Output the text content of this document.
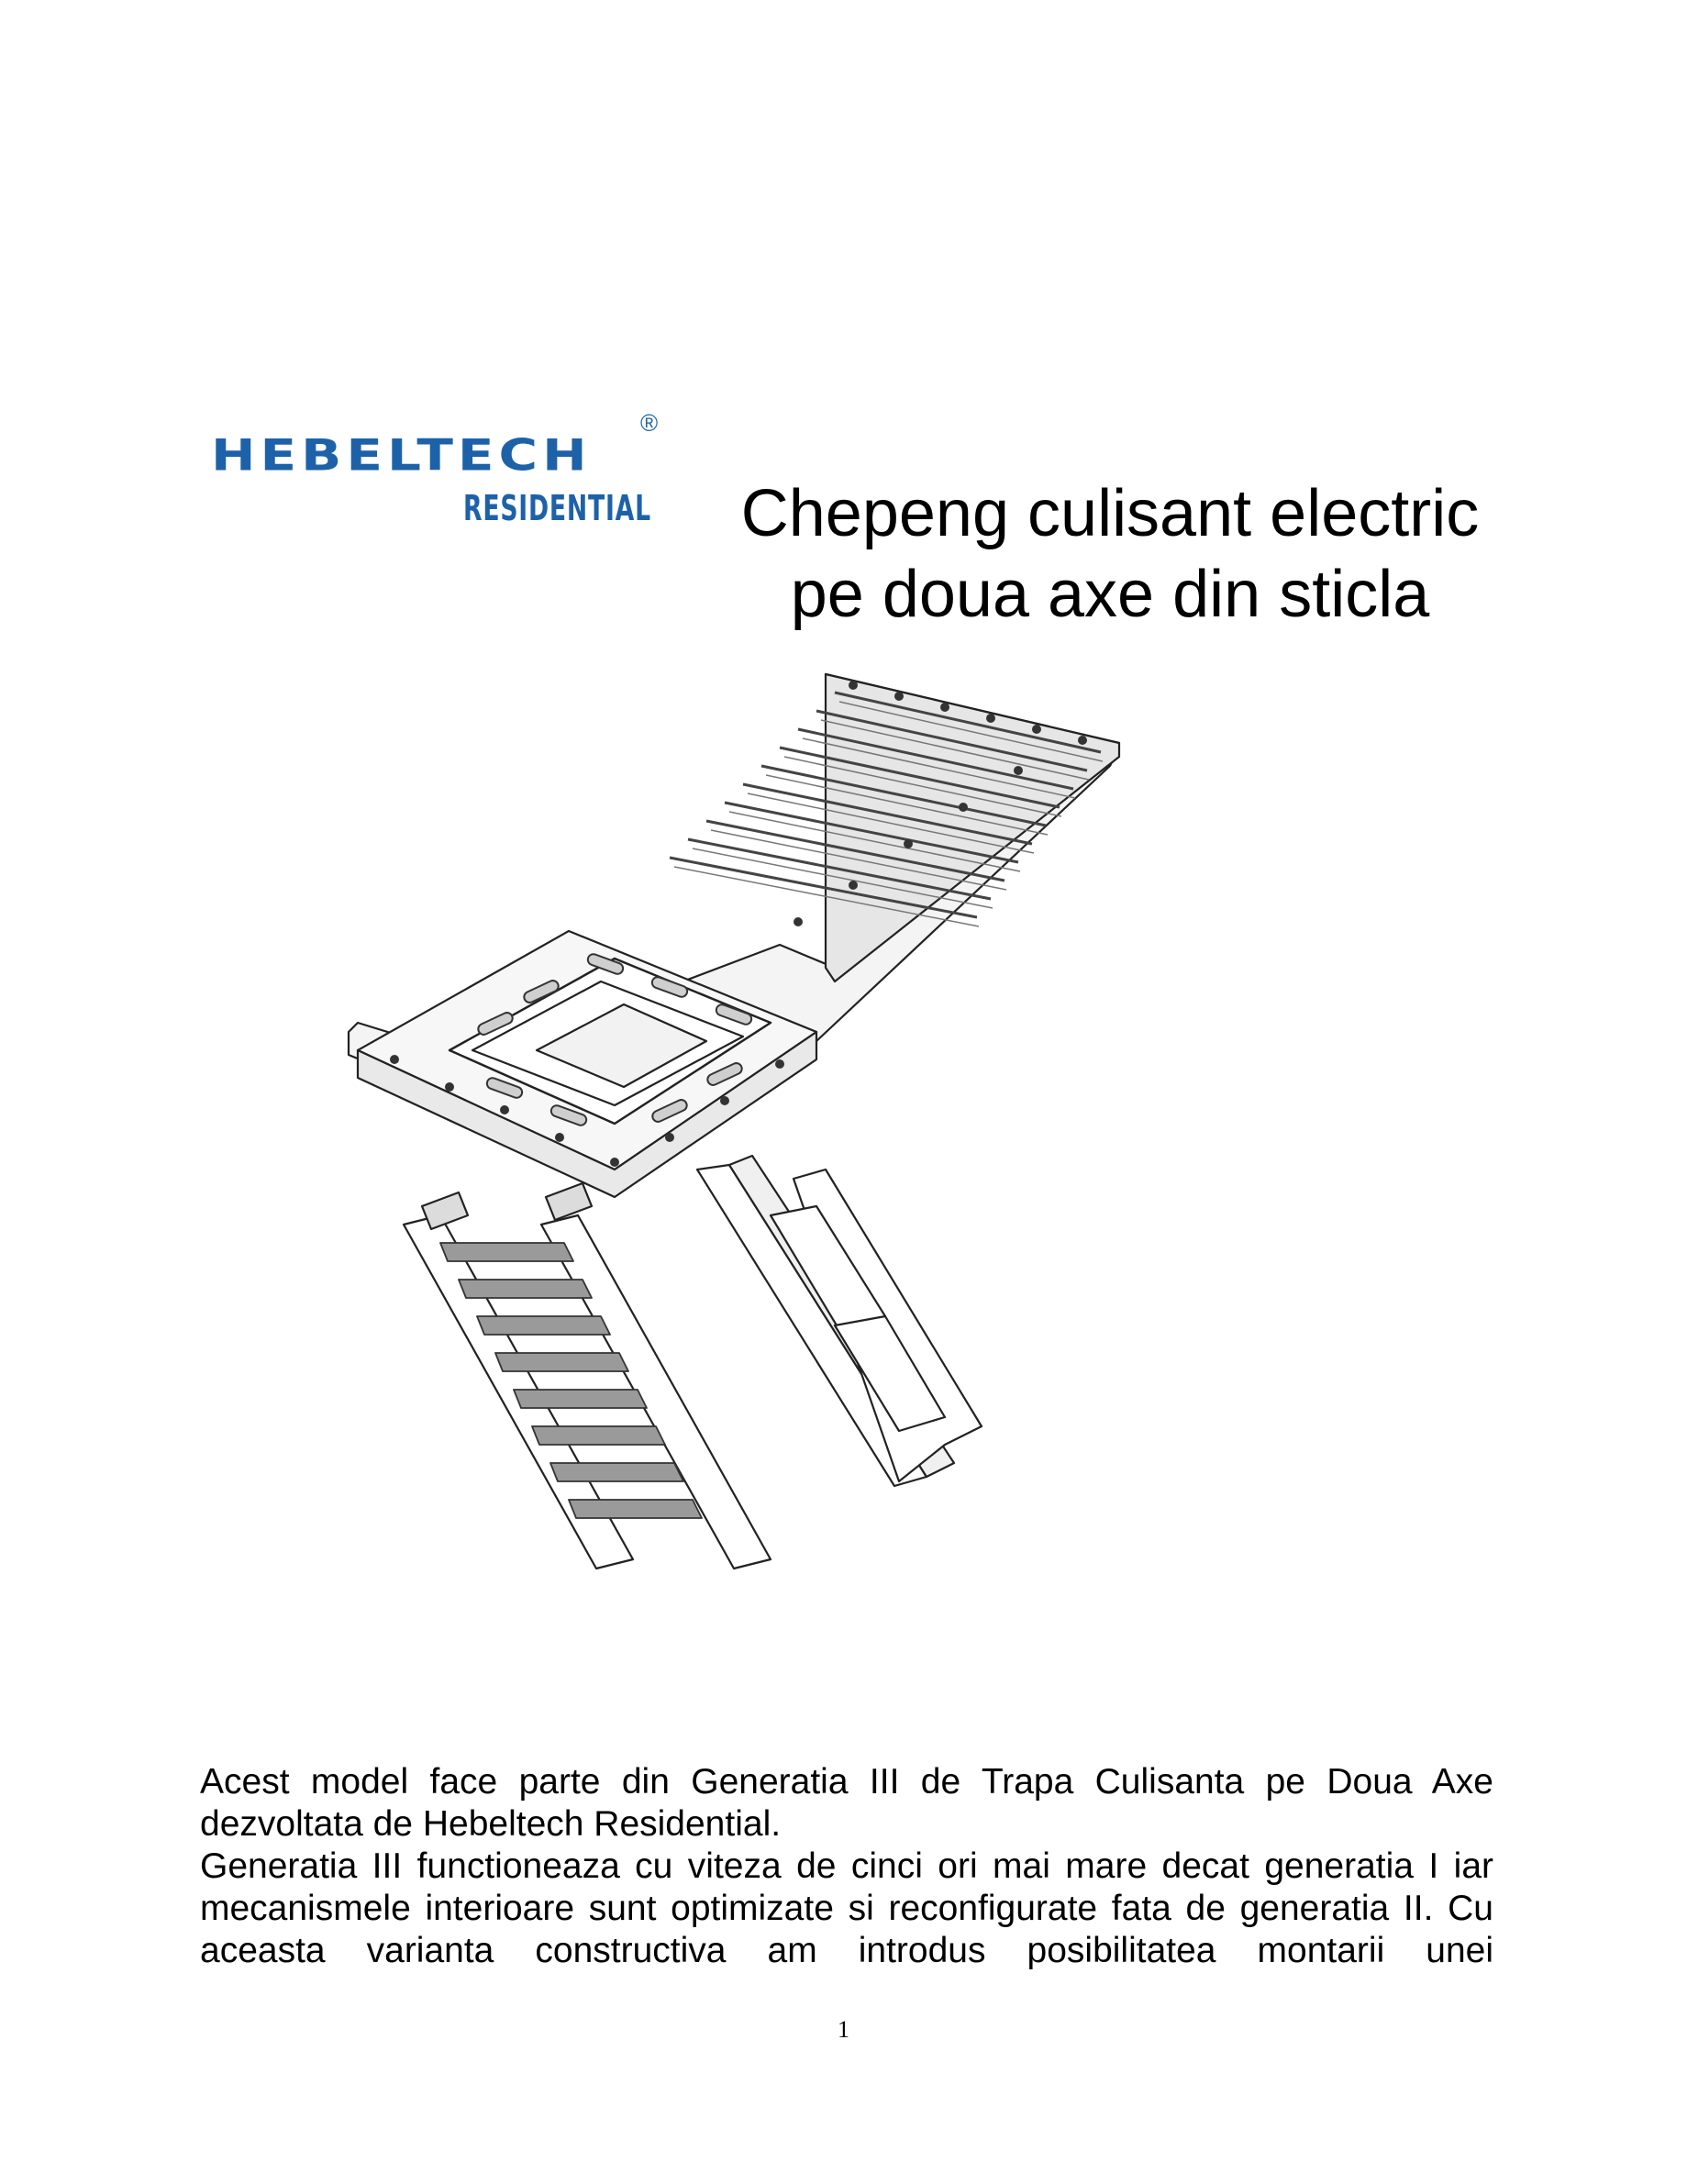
HEBELTECH
®
RESIDENTIAL	Chepeng culisant electric
pe doua axe din sticla

Acest model face parte din Generatia III de Trapa Culisanta pe Doua Axe dezvoltata de Hebeltech Residential.

Generatia III functioneaza cu viteza de cinci ori mai mare decat generatia I iar mecanismele interioare sunt optimizate si reconfigurate fata de generatia II. Cu aceasta varianta constructiva am introdus posibilitatea montarii unei

1
